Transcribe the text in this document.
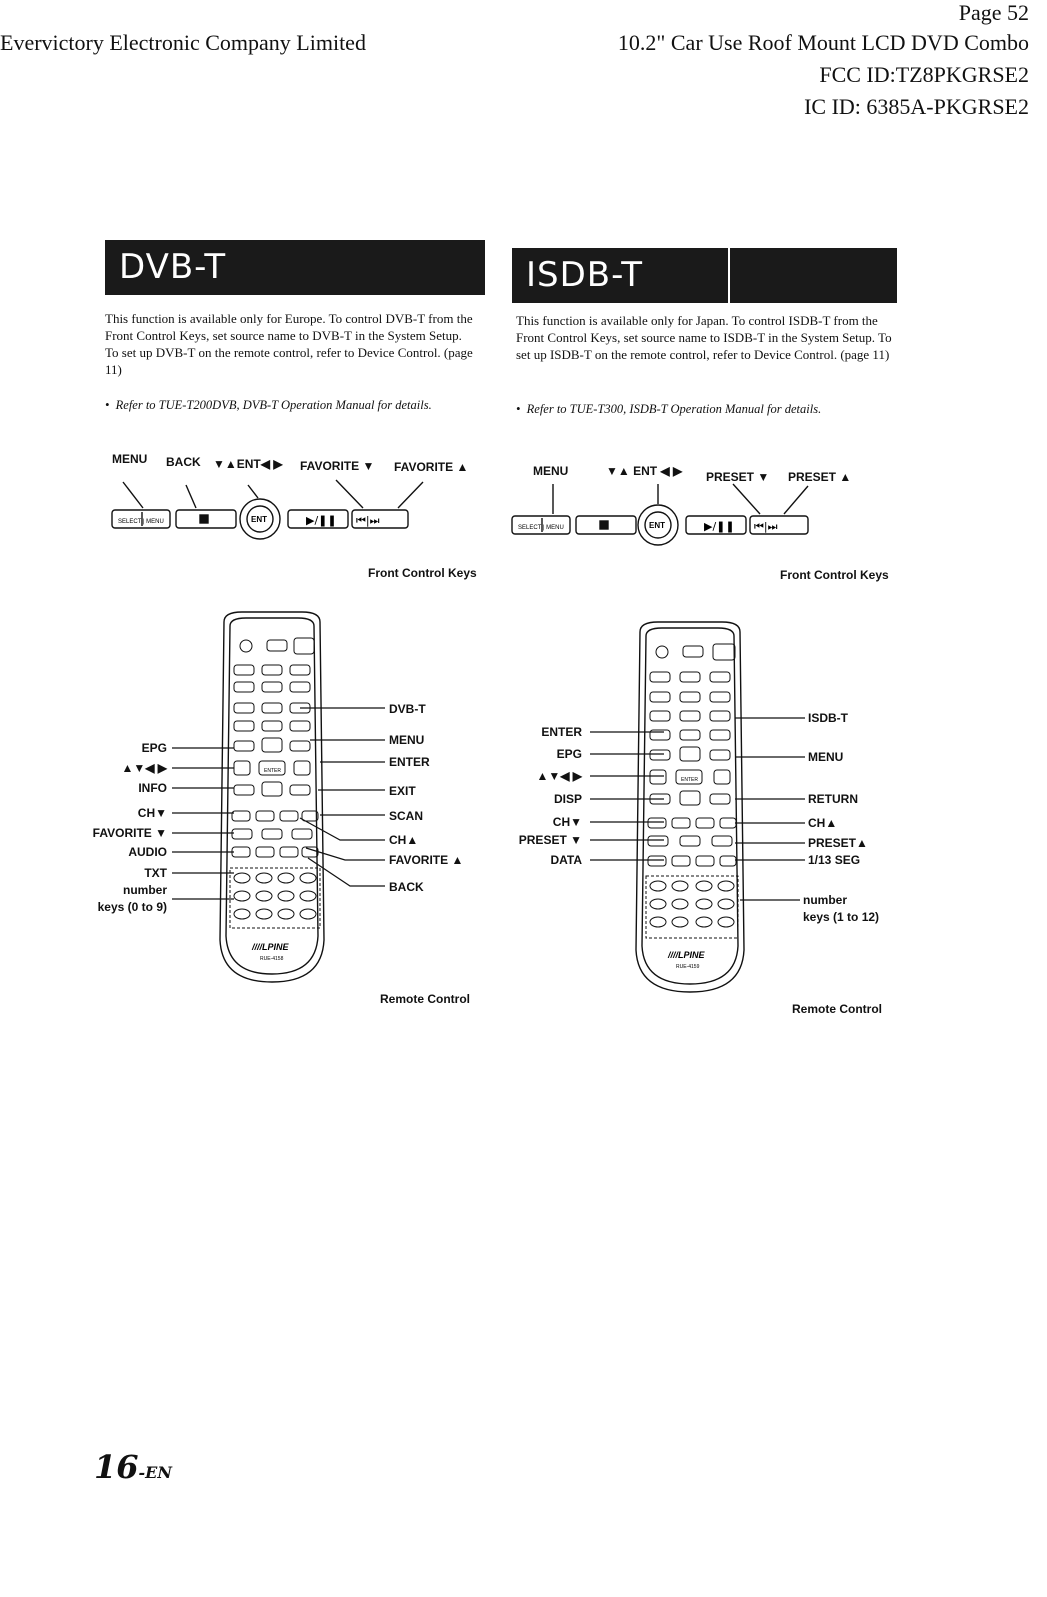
Page 52
Evervictory Electronic Company Limited	10.2" Car Use Roof Mount LCD DVD Combo
FCC ID:TZ8PKGRSE2
IC ID: 6385A-PKGRSE2
DVB-T
This function is available only for Europe. To control DVB-T from the Front Control Keys, set source name to DVB-T in the System Setup. To set up DVB-T on the remote control, refer to Device Control. (page 11)
•  Refer to TUE-T200DVB, DVB-T Operation Manual for details.
MENU BACK ▼▲ENT◀ ▶ FAVORITE ▼ FAVORITE ▲
SELECT | MENU	ENT	▶/❚❚ ⏮|⏭
Front Control Keys
ENTER
////LPINE
RUE-4158
EPG
▲▼◀ ▶
INFO
CH▼
FAVORITE ▼
AUDIO
TXT
number
keys (0 to 9)
DVB-T
MENU
ENTER
EXIT
SCAN
CH▲
FAVORITE ▲
BACK
Remote Control
ISDB-T
This function is available only for Japan. To control ISDB-T from the Front Control Keys, set source name to ISDB-T in the System Setup. To set up ISDB-T on the remote control, refer to Device Control. (page 11)
•  Refer to TUE-T300, ISDB-T Operation Manual for details.
MENU	▼▲ ENT ◀ ▶ PRESET ▼ PRESET ▲
SELECT | MENU	ENT	▶/❚❚ ⏮|⏭
Front Control Keys
ENTER
////LPINE
RUE-4159
ENTER
EPG
▲▼◀ ▶
DISP
CH▼
PRESET ▼
DATA
ISDB-T
MENU
RETURN
CH▲
PRESET▲
1/13 SEG
number
keys (1 to 12)
Remote Control
16-EN
